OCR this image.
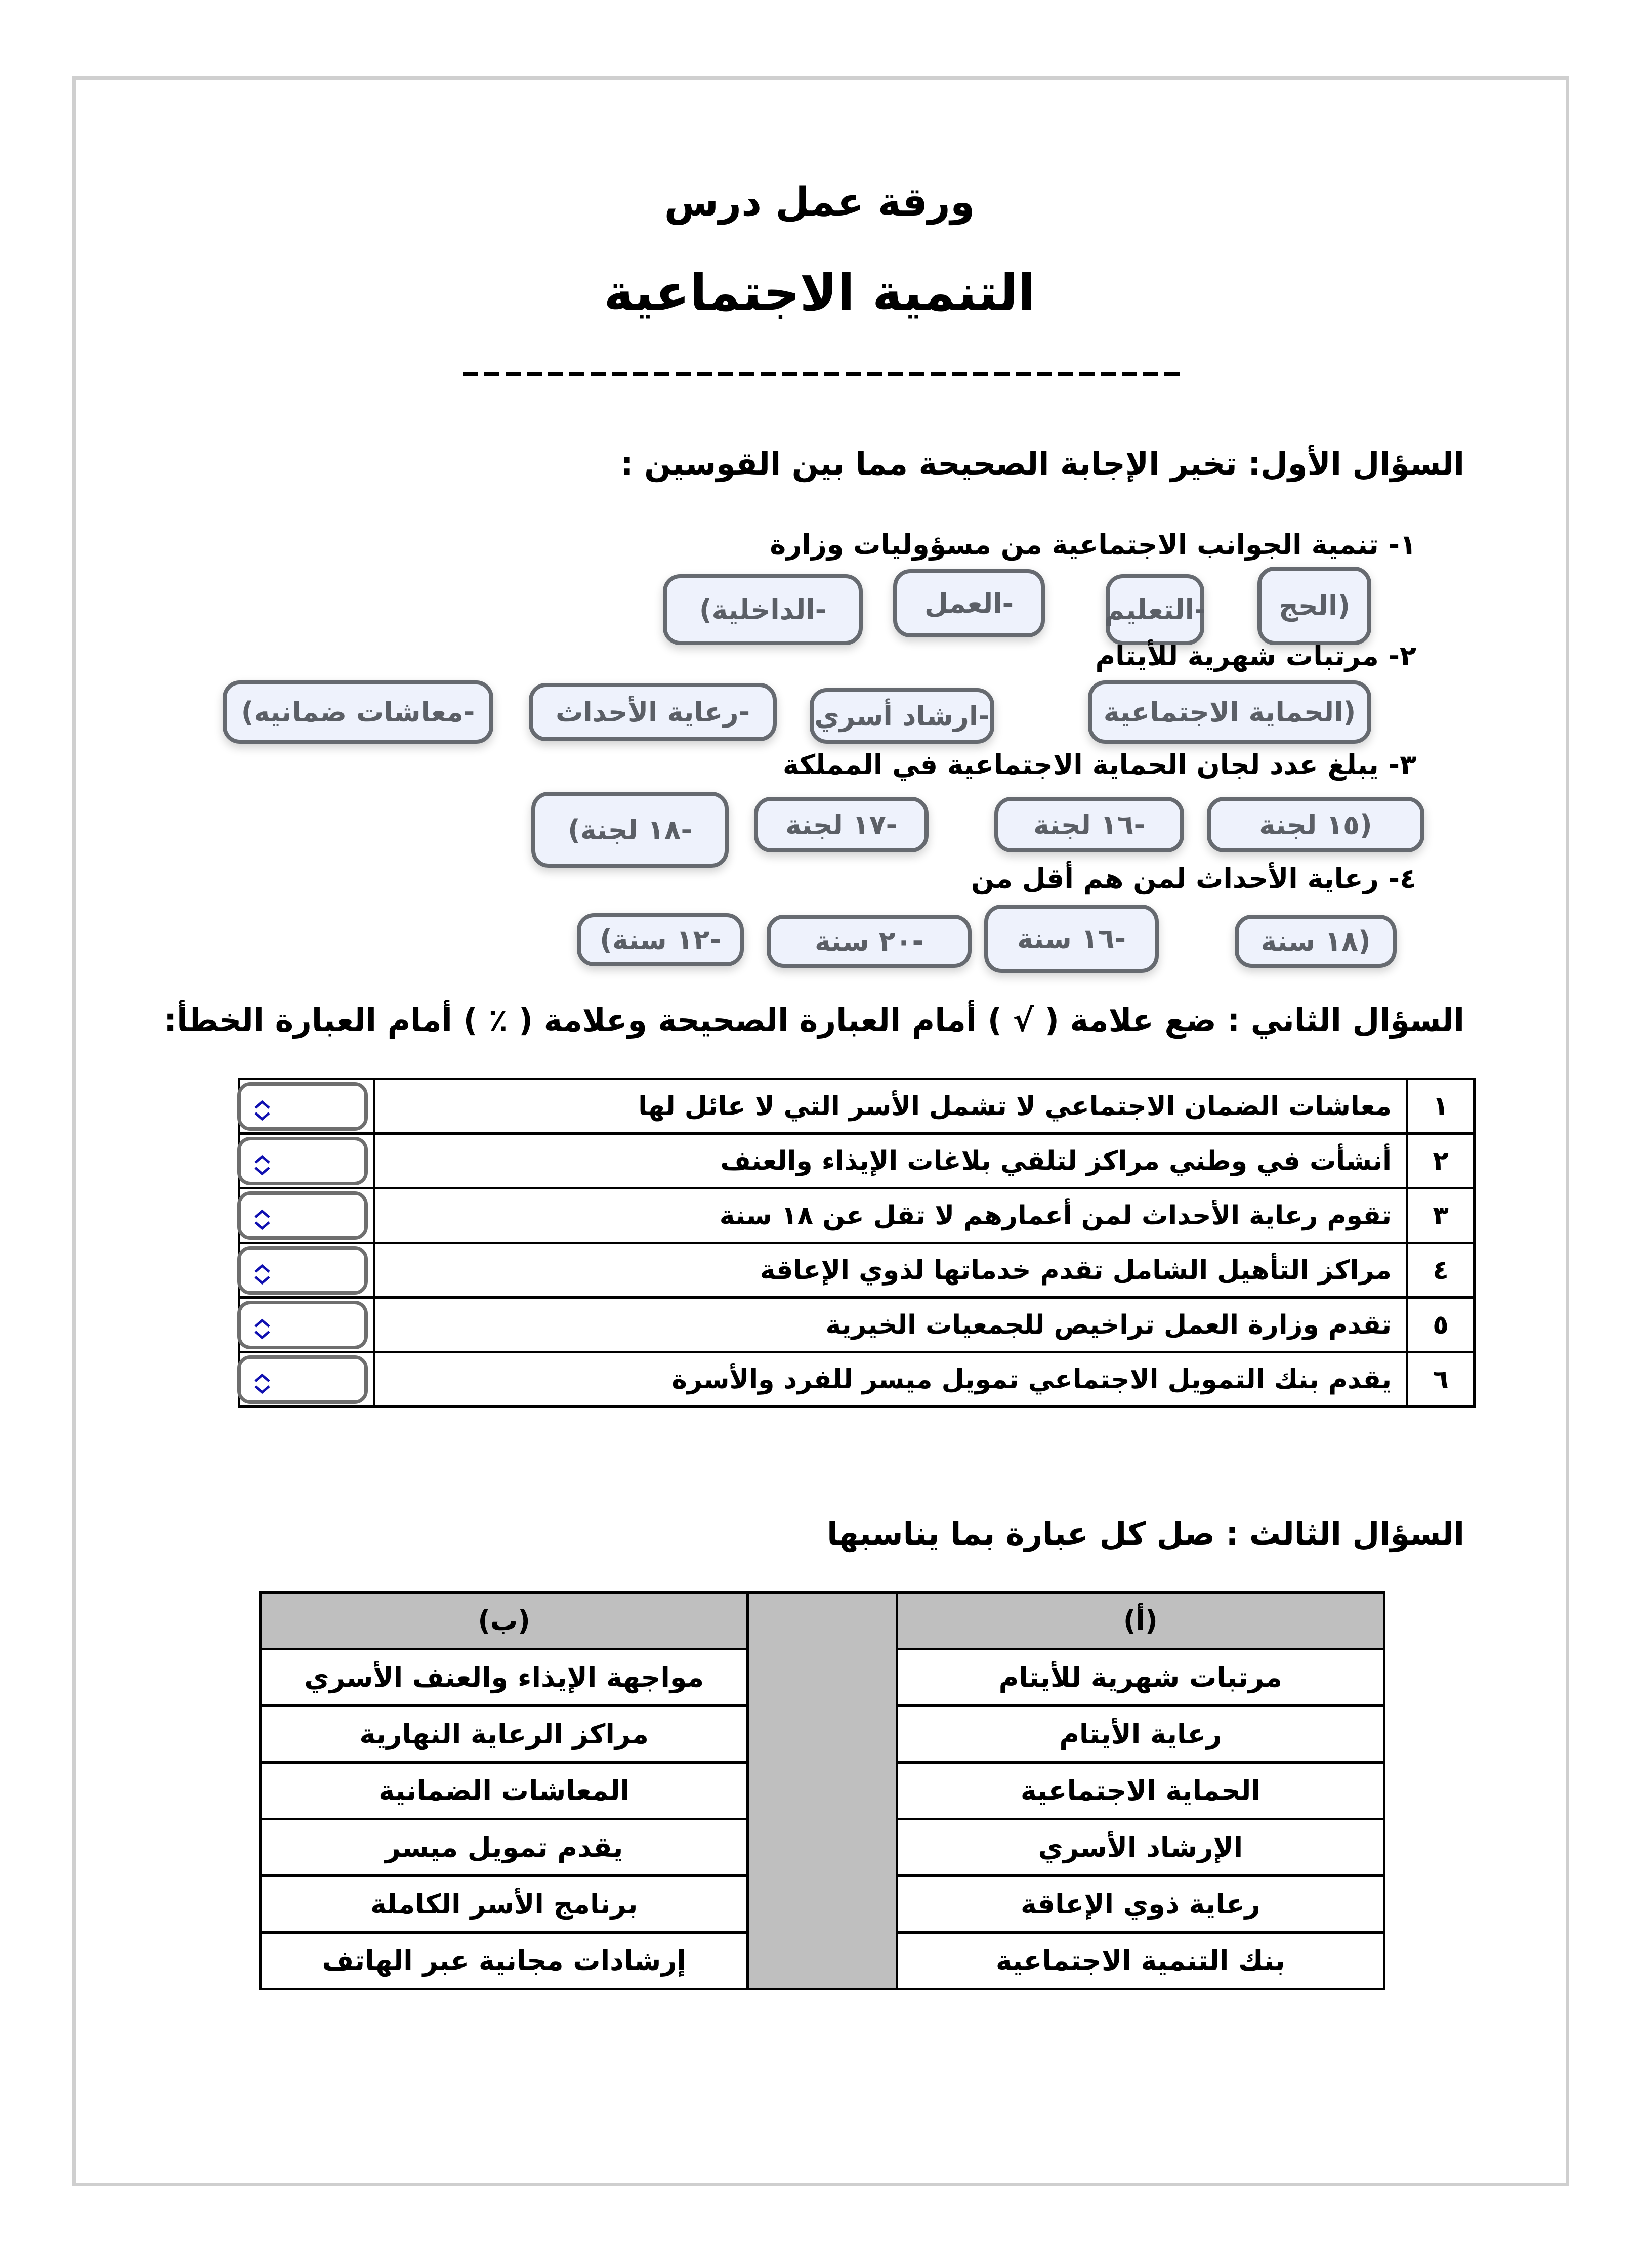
ورقة عمل درس
التنمية الاجتماعية
السؤال الأول: تخير الإجابة الصحيحة مما بين القوسين :
١- تنمية الجوانب الاجتماعية من مسؤوليات وزارة
(الحج
-التعليم
-العمل
-الداخلية)
٢- مرتبات شهرية للأيتام
(الحماية الاجتماعية
-ارشاد أسري
-رعاية الأحداث
-معاشات ضمانيه)
٣- يبلغ عدد لجان الحماية الاجتماعية في المملكة
(١٥ لجنة
-١٦ لجنة
-١٧ لجنة
-١٨ لجنة)
٤- رعاية الأحداث لمن هم أقل من
(١٨ سنة
-١٦ سنة
-٢٠ سنة
-١٢ سنة)
السؤال الثاني : ضع علامة ( √ ) أمام العبارة الصحيحة وعلامة ( ٪ ) أمام العبارة الخطأ:
١	معاشات الضمان الاجتماعي لا تشمل الأسر التي لا عائل لها	

٢	أنشأت في وطني مراكز لتلقي بلاغات الإيذاء والعنف	

٣	تقوم رعاية الأحداث لمن أعمارهم لا تقل عن ١٨ سنة	

٤	مراكز التأهيل الشامل تقدم خدماتها لذوي الإعاقة	

٥	تقدم وزارة العمل تراخيص للجمعيات الخيرية	

٦	يقدم بنك التمويل الاجتماعي تمويل ميسر للفرد والأسرة	
السؤال الثالث : صل كل عبارة بما يناسبها
(أ)		(ب)
مرتبات شهرية للأيتام		مواجهة الإيذاء والعنف الأسري
رعاية الأيتام		مراكز الرعاية النهارية
الحماية الاجتماعية		المعاشات الضمانية
الإرشاد الأسري		يقدم تمويل ميسر
رعاية ذوي الإعاقة		برنامج الأسر الكاملة
بنك التنمية الاجتماعية		إرشادات مجانية عبر الهاتف
